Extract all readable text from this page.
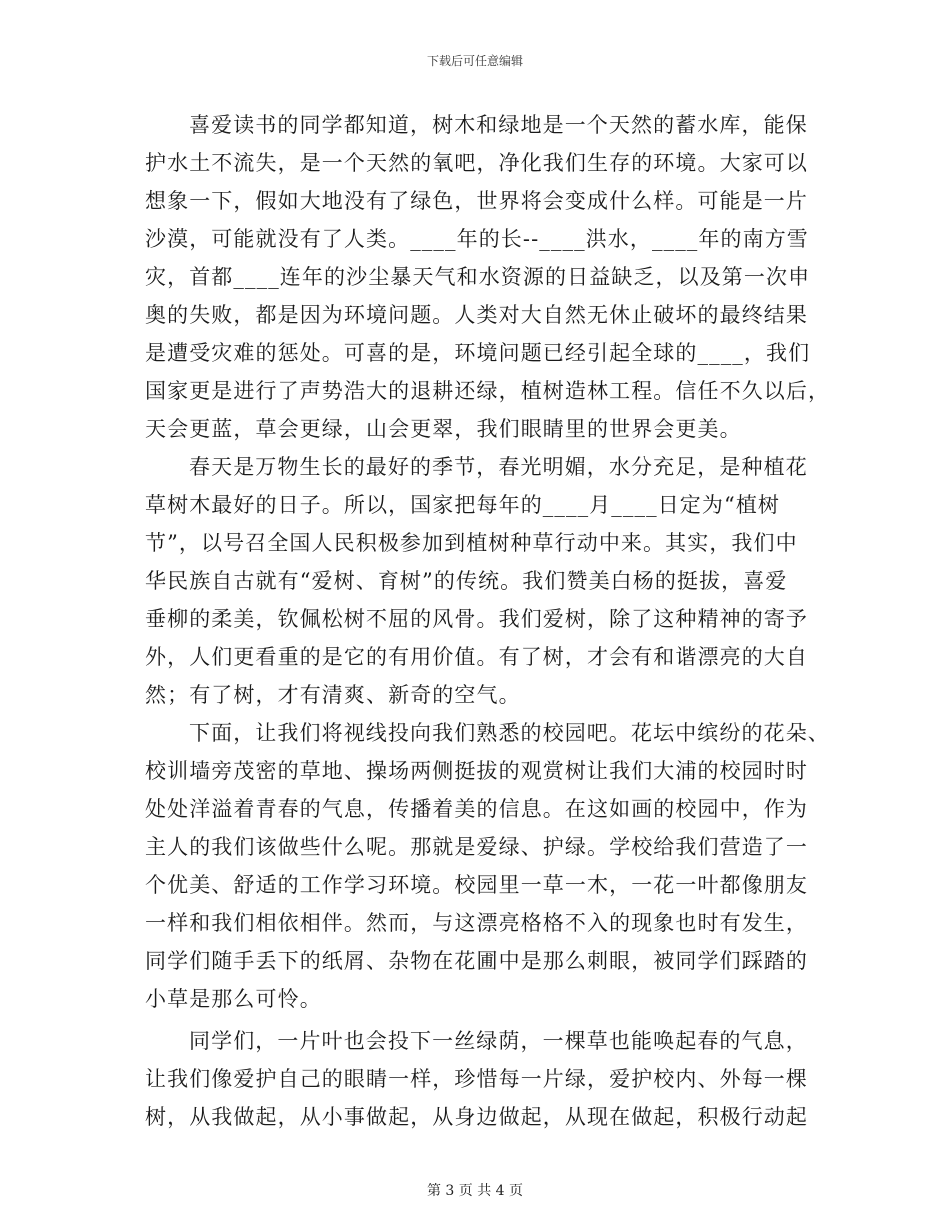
下载后可任意编辑
喜爱读书的同学都知道，树木和绿地是一个天然的蓄水库，能保
护水土不流失，是一个天然的氧吧，净化我们生存的环境。大家可以
想象一下，假如大地没有了绿色，世界将会变成什么样。可能是一片
沙漠，可能就没有了人类。____年的长--____洪水，____年的南方雪
灾，首都____连年的沙尘暴天气和水资源的日益缺乏，以及第一次申
奥的失败，都是因为环境问题。人类对大自然无休止破坏的最终结果
是遭受灾难的惩处。可喜的是，环境问题已经引起全球的____，我们
国家更是进行了声势浩大的退耕还绿，植树造林工程。信任不久以后，
天会更蓝，草会更绿，山会更翠，我们眼睛里的世界会更美。
春天是万物生长的最好的季节，春光明媚，水分充足，是种植花
草树木最好的日子。所以，国家把每年的____月____日定为“植树
节”，以号召全国人民积极参加到植树种草行动中来。其实，我们中
华民族自古就有“爱树、育树”的传统。我们赞美白杨的挺拔，喜爱
垂柳的柔美，钦佩松树不屈的风骨。我们爱树，除了这种精神的寄予
外，人们更看重的是它的有用价值。有了树，才会有和谐漂亮的大自
然；有了树，才有清爽、新奇的空气。
下面，让我们将视线投向我们熟悉的校园吧。花坛中缤纷的花朵、
校训墙旁茂密的草地、操场两侧挺拔的观赏树让我们大浦的校园时时
处处洋溢着青春的气息，传播着美的信息。在这如画的校园中，作为
主人的我们该做些什么呢。那就是爱绿、护绿。学校给我们营造了一
个优美、舒适的工作学习环境。校园里一草一木，一花一叶都像朋友
一样和我们相依相伴。然而，与这漂亮格格不入的现象也时有发生，
同学们随手丢下的纸屑、杂物在花圃中是那么刺眼，被同学们踩踏的
小草是那么可怜。
同学们，一片叶也会投下一丝绿荫，一棵草也能唤起春的气息，
让我们像爱护自己的眼睛一样，珍惜每一片绿，爱护校内、外每一棵
树，从我做起，从小事做起，从身边做起，从现在做起，积极行动起
第 3 页 共 4 页
